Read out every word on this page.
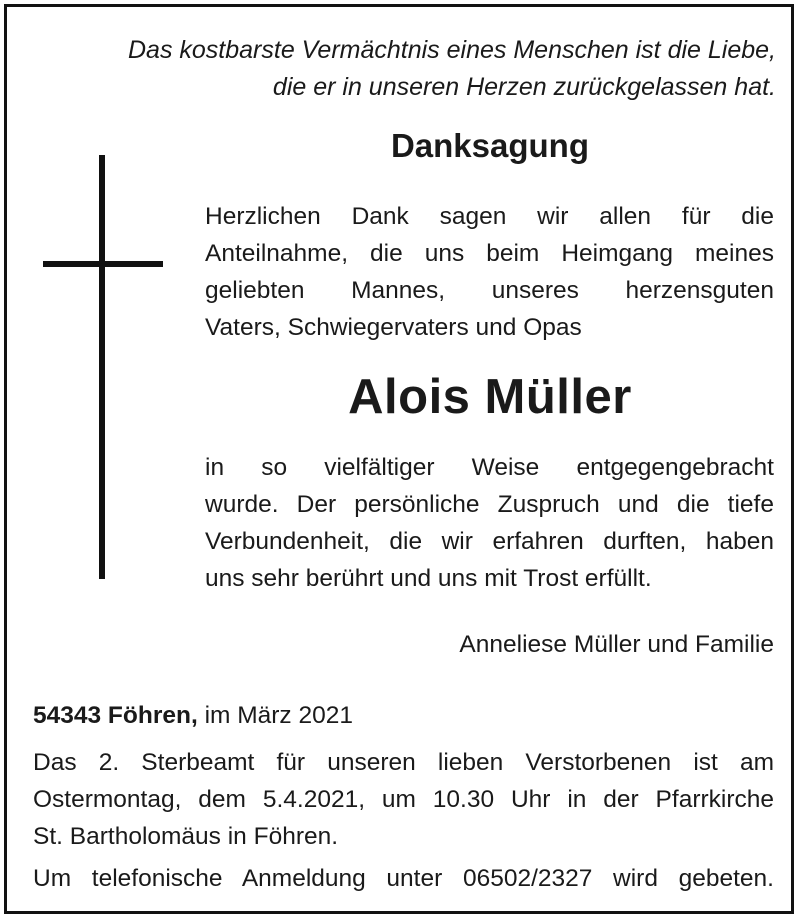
Das kostbarste Vermächtnis eines Menschen ist die Liebe,
die er in unseren Herzen zurückgelassen hat.
Danksagung
Herzlichen Dank sagen wir allen für die
Anteilnahme, die uns beim Heimgang meines
geliebten Mannes, unseres herzensguten
Vaters, Schwiegervaters und Opas
Alois Müller
in so vielfältiger Weise entgegengebracht
wurde. Der persönliche Zuspruch und die tiefe
Verbundenheit, die wir erfahren durften, haben
uns sehr berührt und uns mit Trost erfüllt.
Anneliese Müller und Familie
54343 Föhren, im März 2021
Das 2. Sterbeamt für unseren lieben Verstorbenen ist am
Ostermontag, dem 5.4.2021, um 10.30 Uhr in der Pfarrkirche
St. Bartholomäus in Föhren.
Um telefonische Anmeldung unter 06502/2327 wird gebeten.
